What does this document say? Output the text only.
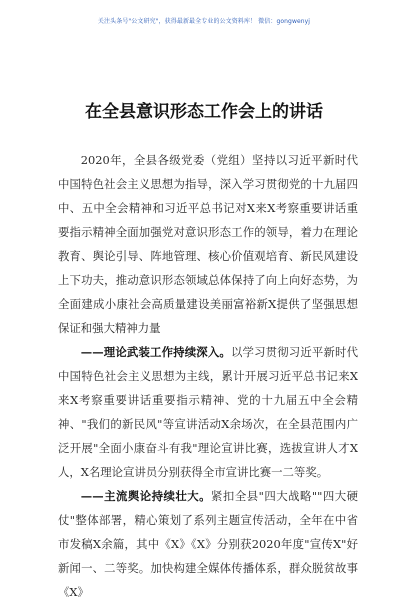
关注头条号"公文研究"，获得最新最全专业的公文资料库！ 微信：gongwenyj
在全县意识形态工作会上的讲话

2020年，全县各级党委（党组）坚持以习近平新时代中国特色社会主义思想为指导，深入学习贯彻党的十九届四中、五中全会精神和习近平总书记对X来X考察重要讲话重要指示精神全面加强党对意识形态工作的领导，着力在理论教育、舆论引导、阵地管理、核心价值观培育、新民风建设上下功夫，推动意识形态领域总体保持了向上向好态势，为全面建成小康社会高质量建设美丽富裕新X提供了坚强思想保证和强大精神力量

——理论武装工作持续深入。以学习贯彻习近平新时代中国特色社会主义思想为主线，累计开展习近平总书记来X来X考察重要讲话重要指示精神、党的十九届五中全会精神、"我们的新民风"等宣讲活动X余场次，在全县范围内广泛开展"全面小康奋斗有我"理论宣讲比赛，选拔宣讲人才X人，X名理论宣讲员分别获得全市宣讲比赛一二等奖。

——主流舆论持续壮大。紧扣全县"四大战略""四大硬仗"整体部署，精心策划了系列主题宣传活动，全年在中省市发稿X余篇，其中《X》《X》分别获2020年度"宣传X"好新闻一、二等奖。加快构建全媒体传播体系，群众脱贫故事《X》
